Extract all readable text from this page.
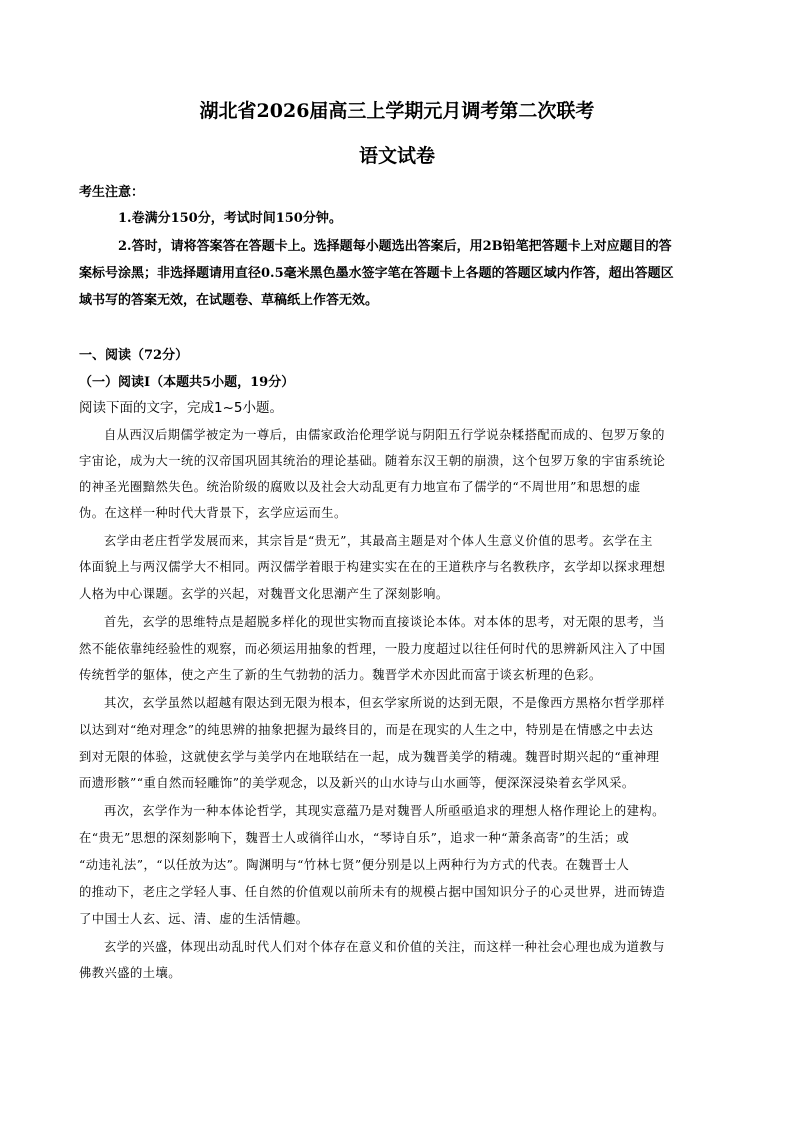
湖北省2026届高三上学期元月调考第二次联考
语文试卷
考生注意：
1.卷满分150分，考试时间150分钟。
2.答时，请将答案答在答题卡上。选择题每小题选出答案后，用2B铅笔把答题卡上对应题目的答
案标号涂黑；非选择题请用直径0.5毫米黑色墨水签字笔在答题卡上各题的答题区域内作答，超出答题区
域书写的答案无效，在试题卷、草稿纸上作答无效。
一、阅读（72分）
（一）阅读Ⅰ（本题共5小题，19分）
阅读下面的文字，完成1~5小题。
自从西汉后期儒学被定为一尊后，由儒家政治伦理学说与阴阳五行学说杂糅搭配而成的、包罗万象的
宇宙论，成为大一统的汉帝国巩固其统治的理论基础。随着东汉王朝的崩溃，这个包罗万象的宇宙系统论
的神圣光圈黯然失色。统治阶级的腐败以及社会大动乱更有力地宣布了儒学的“不周世用”和思想的虚
伪。在这样一种时代大背景下，玄学应运而生。
玄学由老庄哲学发展而来，其宗旨是“贵无”，其最高主题是对个体人生意义价值的思考。玄学在主
体面貌上与两汉儒学大不相同。两汉儒学着眼于构建实实在在的王道秩序与名教秩序，玄学却以探求理想
人格为中心课题。玄学的兴起，对魏晋文化思潮产生了深刻影响。
首先，玄学的思维特点是超脱多样化的现世实物而直接谈论本体。对本体的思考，对无限的思考，当
然不能依靠纯经验性的观察，而必须运用抽象的哲理，一股力度超过以往任何时代的思辨新风注入了中国
传统哲学的躯体，使之产生了新的生气勃勃的活力。魏晋学术亦因此而富于谈玄析理的色彩。
其次，玄学虽然以超越有限达到无限为根本，但玄学家所说的达到无限，不是像西方黑格尔哲学那样
以达到对“绝对理念”的纯思辨的抽象把握为最终目的，而是在现实的人生之中，特别是在情感之中去达
到对无限的体验，这就使玄学与美学内在地联结在一起，成为魏晋美学的精魂。魏晋时期兴起的“重神理
而遗形骸”“重自然而轻雕饰”的美学观念，以及新兴的山水诗与山水画等，便深深浸染着玄学风采。
再次，玄学作为一种本体论哲学，其现实意蕴乃是对魏晋人所亟亟追求的理想人格作理论上的建构。
在“贵无”思想的深刻影响下，魏晋士人或徜徉山水，“琴诗自乐”，追求一种“萧条高寄”的生活；或
“动违礼法”，“以任放为达”。陶渊明与“竹林七贤”便分别是以上两种行为方式的代表。在魏晋士人
的推动下，老庄之学轻人事、任自然的价值观以前所未有的规模占据中国知识分子的心灵世界，进而铸造
了中国士人玄、远、清、虚的生活情趣。
玄学的兴盛，体现出动乱时代人们对个体存在意义和价值的关注，而这样一种社会心理也成为道教与
佛教兴盛的土壤。
